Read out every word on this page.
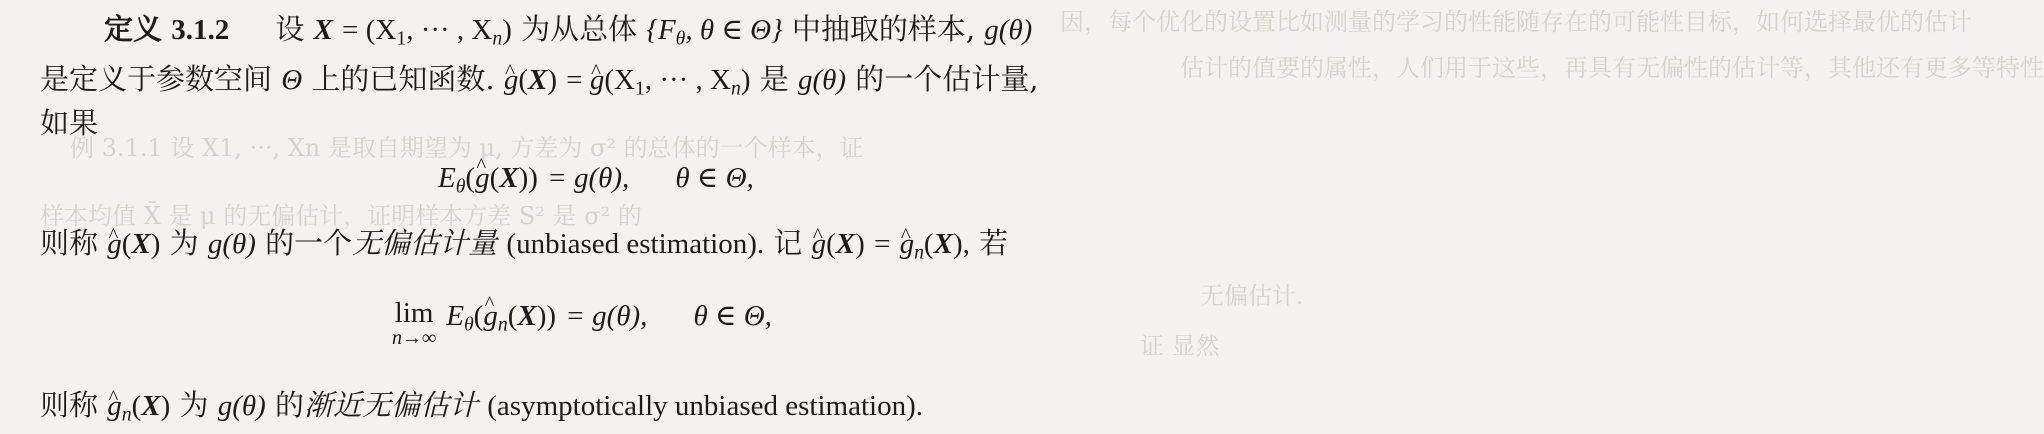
因，每个优化的设置比如测量的学习的性能随存在的可能性目标，如何选择最优的估计
估计的值要的属性，人们用于这些，再具有无偏性的估计等，其他还有更多等特性
例 3.1.1 设 X1, ···, Xn 是取自期望为 μ, 方差为 σ² 的总体的一个样本，证
样本均值 X̄ 是 μ 的无偏估计，证明样本方差 S² 是 σ² 的
无偏估计.
证 显然
定义 3.1.2 设 $X = (X_1$, ··· , $X_n$) 为从总体 {$F_\theta$, θ ∈ Θ} 中抽取的样本, g(θ)
是定义于参数空间 Θ 上的已知函数. ^ g(X) = ^ $g(X_1$, ··· , $X_n$) 是 g(θ) 的一个估计量,
如果
$E_\theta(\^{}$ g(X)) = g(θ), θ ∈ Θ,
则称 ^ g(X) 为 g(θ) 的一个无偏估计量 (unbiased estimation). 记 ^ g(X) = ^ $g_n(X)$, 若
lim
n→∞
$E_\theta(\^{}$ $g_n(X)) = g(\theta)$, θ ∈ Θ,
则称 ^ $g_n(X)$ 为 g(θ) 的渐近无偏估计 (asymptotically unbiased estimation).
